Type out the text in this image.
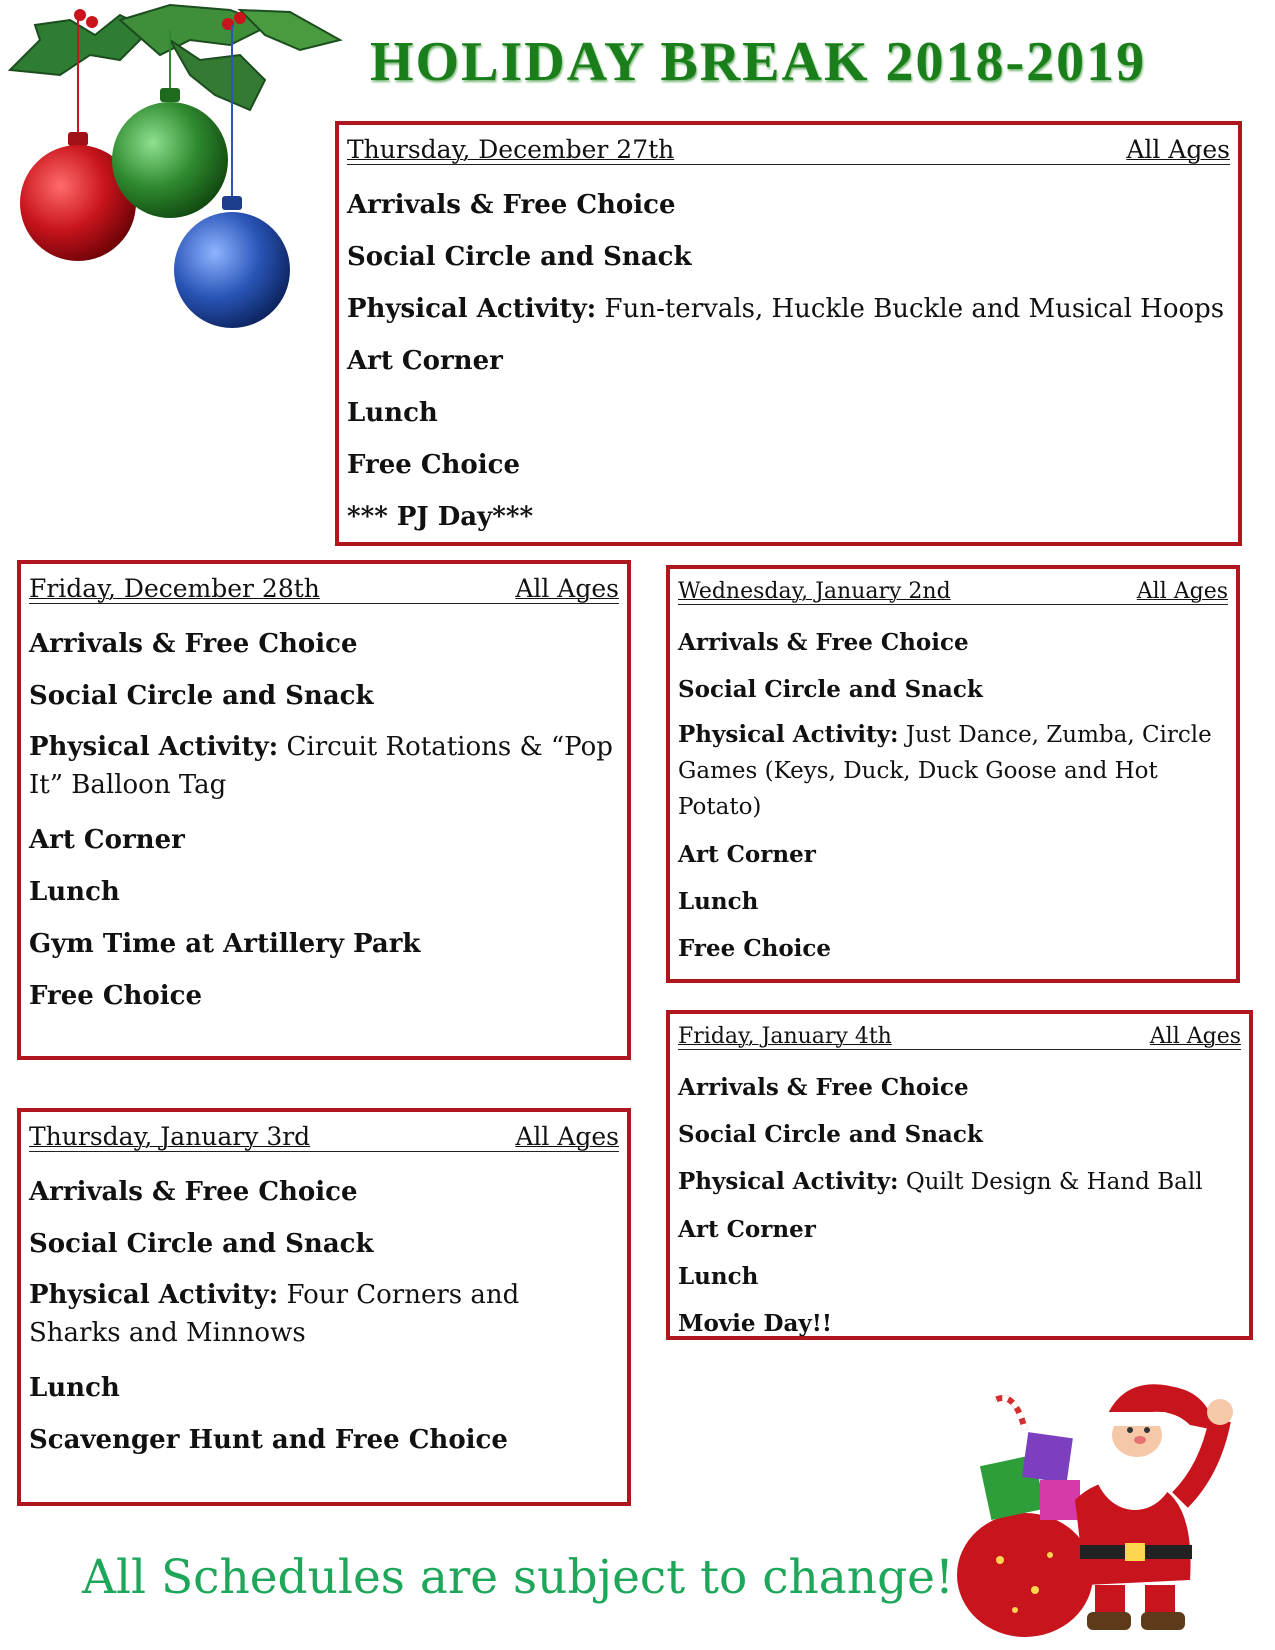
HOLIDAY BREAK 2018-2019
Thursday, December 27th	All Ages

Arrivals & Free Choice

Social Circle and Snack

Physical Activity: Fun-tervals, Huckle Buckle and Musical Hoops

Art Corner

Lunch

Free Choice

*** PJ Day***

Friday, December 28th	All Ages

Arrivals & Free Choice

Social Circle and Snack

Physical Activity: Circuit Rotations & “Pop It” Balloon Tag

Art Corner

Lunch

Gym Time at Artillery Park

Free Choice

Wednesday, January 2nd	All Ages

Arrivals & Free Choice

Social Circle and Snack

Physical Activity: Just Dance, Zumba, Circle Games (Keys, Duck, Duck Goose and Hot Potato)

Art Corner

Lunch

Free Choice

Thursday, January 3rd	All Ages

Arrivals & Free Choice

Social Circle and Snack

Physical Activity: Four Corners and Sharks and Minnows

Lunch

Scavenger Hunt and Free Choice

Friday, January 4th	All Ages

Arrivals & Free Choice

Social Circle and Snack

Physical Activity: Quilt Design & Hand Ball

Art Corner

Lunch

Movie Day!!

All Schedules are subject to change!
